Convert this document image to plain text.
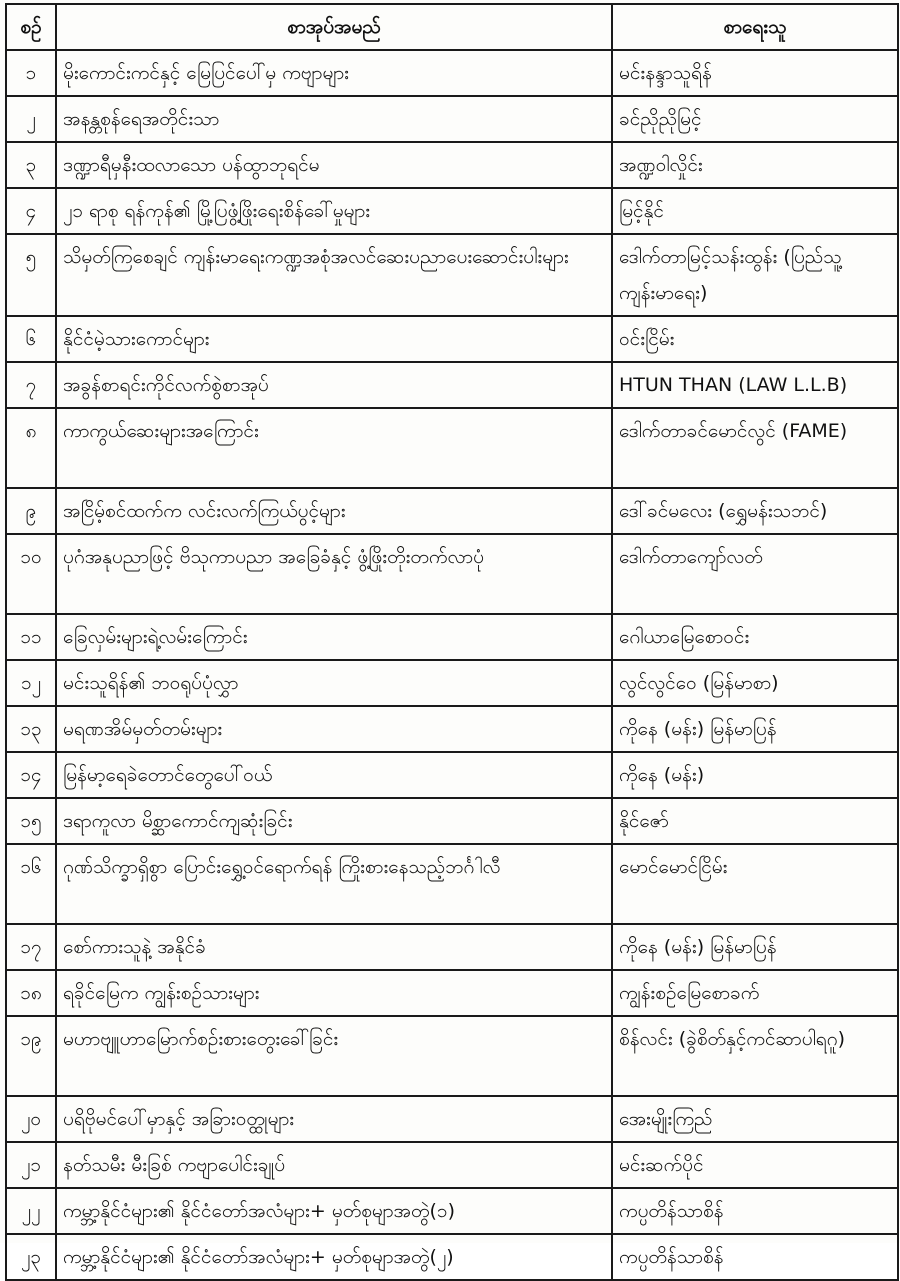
စဉ်	စာအုပ်အမည်	စာရေးသူ
၁	မိုးကောင်းကင်နှင့် မြေပြင်ပေါ်မှ ကဗျာများ	မင်းနန္ဒာသူရိန်
၂	အနန္တစုန်ရေအတိုင်းသာ	ခင်ညိုညိုမြင့်
၃	ဒဏ္ဍာရီမှနီးထလာသော ပန်ထွာဘုရင်မ	အဏ္ဍဝါလှိုင်း
၄	၂၁ ရာစု ရန်ကုန်၏ မြို့ပြဖွံ့ဖြိုးရေးစိန်ခေါ်မှုများ	မြင့်နိုင်
၅	သိမှတ်ကြစေချင် ကျန်းမာရေးကဏ္ဍအစုံအလင်ဆေးပညာပေးဆောင်းပါးများ	ဒေါက်တာမြင့်သန်းထွန်း (ပြည်သူ့ကျန်းမာရေး)
၆	နိုင်ငံမဲ့သားကောင်များ	ဝင်းငြိမ်း
၇	အခွန်စာရင်းကိုင်လက်စွဲစာအုပ်	HTUN THAN (LAW L.L.B)
၈	ကာကွယ်ဆေးများအကြောင်း	ဒေါက်တာခင်မောင်လွင် (FAME)
၉	အငြိမ့်စင်ထက်က လင်းလက်ကြယ်ပွင့်များ	ဒေါ်ခင်မလေး (ရွှေမန်းသဘင်)
၁၀	ပုဂံအနုပညာဖြင့် ဗိသုကာပညာ အခြေခံနှင့် ဖွံ့ဖြိုးတိုးတက်လာပုံ	ဒေါက်တာကျော်လတ်
၁၁	ခြေလှမ်းများရဲ့လမ်းကြောင်း	ဂေါယာမြေစောဝင်း
၁၂	မင်းသူရိန်၏ ဘဝရုပ်ပုံလွှာ	လွင်လွင်ဝေ (မြန်မာစာ)
၁၃	မရဏအိမ်မှတ်တမ်းများ	ကိုနေ (မန်း) မြန်မာပြန်
၁၄	မြန်မာ့ရေခဲတောင်တွေပေါ်ဝယ်	ကိုနေ (မန်း)
၁၅	ဒရာကူလာ မိစ္ဆာကောင်ကျဆုံးခြင်း	နိုင်ဇော်
၁၆	ဂုဏ်သိက္ခာရှိစွာ ပြောင်းရွှေ့ဝင်ရောက်ရန် ကြိုးစားနေသည့်ဘင်္ဂါလီ	မောင်မောင်ငြိမ်း
၁၇	စော်ကားသူနဲ့ အနိုင်ခံ	ကိုနေ (မန်း) မြန်မာပြန်
၁၈	ရခိုင်မြေက ကျွန်းစဉ်သားများ	ကျွန်းစဉ်မြေစောခက်
၁၉	မဟာဗျူဟာမြောက်စဉ်းစားတွေးခေါ်ခြင်း	စိန်လင်း (ခွဲစိတ်နှင့်ကင်ဆာပါရဂူ)
၂၀	ပရိဗိုမင်ပေါ်မှာနှင့် အခြားဝတ္ထုများ	အေးမျိုးကြည်
၂၁	နတ်သမီး မီးခြစ် ကဗျာပေါင်းချုပ်	မင်းဆက်ပိုင်
၂၂	ကမ္ဘာ့နိုင်ငံများ၏ နိုင်ငံတော်အလံများ+ မှတ်စုမျာအတွဲ(၁)	ကပ္ပတိန်သာစိန်
၂၃	ကမ္ဘာ့နိုင်ငံများ၏ နိုင်ငံတော်အလံများ+ မှတ်စုမျာအတွဲ(၂)	ကပ္ပတိန်သာစိန်
